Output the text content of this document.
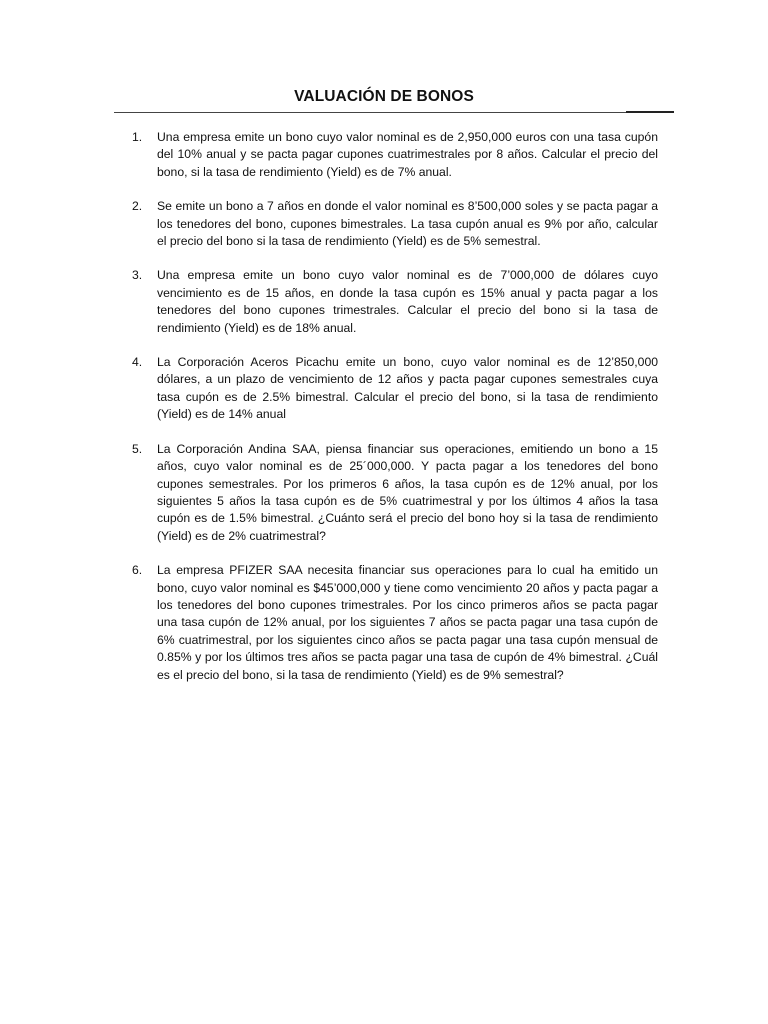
VALUACIÓN DE BONOS
1. Una empresa emite un bono cuyo valor nominal es de 2,950,000 euros con una tasa cupón del 10% anual y se pacta pagar cupones cuatrimestrales por 8 años. Calcular el precio del bono, si la tasa de rendimiento (Yield) es de 7% anual.
2. Se emite un bono a 7 años en donde el valor nominal es 8’500,000 soles y se pacta pagar a los tenedores del bono, cupones bimestrales. La tasa cupón anual es 9% por año, calcular el precio del bono si la tasa de rendimiento (Yield) es de 5% semestral.
3. Una empresa emite un bono cuyo valor nominal es de 7’000,000 de dólares cuyo vencimiento es de 15 años, en donde la tasa cupón es 15% anual y pacta pagar a los tenedores del bono cupones trimestrales. Calcular el precio del bono si la tasa de rendimiento (Yield) es de 18% anual.
4. La Corporación Aceros Picachu emite un bono, cuyo valor nominal es de 12’850,000 dólares, a un plazo de vencimiento de 12 años y pacta pagar cupones semestrales cuya tasa cupón es de 2.5% bimestral. Calcular el precio del bono, si la tasa de rendimiento (Yield) es de 14% anual
5. La Corporación Andina SAA, piensa financiar sus operaciones, emitiendo un bono a 15 años, cuyo valor nominal es de 25´000,000. Y pacta pagar a los tenedores del bono cupones semestrales. Por los primeros 6 años, la tasa cupón es de 12% anual, por los siguientes 5 años la tasa cupón es de 5% cuatrimestral y por los últimos 4 años la tasa cupón es de 1.5% bimestral. ¿Cuánto será el precio del bono hoy si la tasa de rendimiento (Yield) es de 2% cuatrimestral?
6. La empresa PFIZER SAA necesita financiar sus operaciones para lo cual ha emitido un bono, cuyo valor nominal es $45’000,000 y tiene como vencimiento 20 años y pacta pagar a los tenedores del bono cupones trimestrales. Por los cinco primeros años se pacta pagar una tasa cupón de 12% anual, por los siguientes 7 años se pacta pagar una tasa cupón de 6% cuatrimestral, por los siguientes cinco años se pacta pagar una tasa cupón mensual de 0.85% y por los últimos tres años se pacta pagar una tasa de cupón de 4% bimestral. ¿Cuál es el precio del bono, si la tasa de rendimiento (Yield) es de 9% semestral?
